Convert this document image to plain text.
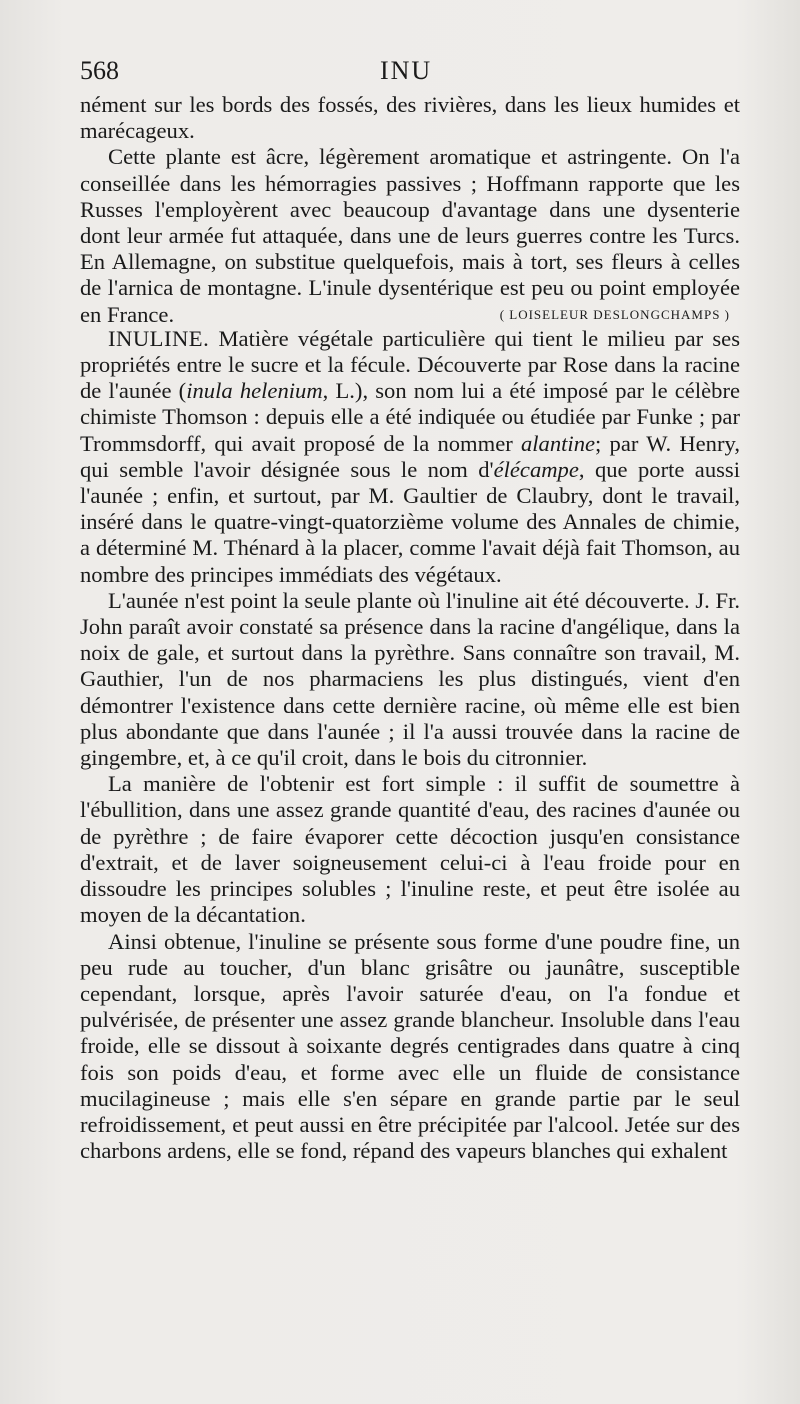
568	INU

nément sur les bords des fossés, des rivières, dans les lieux humides et marécageux.

Cette plante est âcre, légèrement aromatique et astringente. On l'a conseillée dans les hémorragies passives ; Hoffmann rapporte que les Russes l'employèrent avec beaucoup d'avantage dans une dysenterie dont leur armée fut attaquée, dans une de leurs guerres contre les Turcs. En Allemagne, on substitue quelquefois, mais à tort, ses fleurs à celles de l'arnica de montagne. L'inule dysentérique est peu ou point employée en France.	( LOISELEUR DESLONGCHAMPS )

INULINE. Matière végétale particulière qui tient le milieu par ses propriétés entre le sucre et la fécule. Découverte par Rose dans la racine de l'aunée (inula helenium, L.), son nom lui a été imposé par le célèbre chimiste Thomson : depuis elle a été indiquée ou étudiée par Funke ; par Trommsdorff, qui avait proposé de la nommer alantine; par W. Henry, qui semble l'avoir désignée sous le nom d'élécampe, que porte aussi l'aunée ; enfin, et surtout, par M. Gaultier de Claubry, dont le travail, inséré dans le quatre-vingt-quatorzième volume des Annales de chimie, a déterminé M. Thénard à la placer, comme l'avait déjà fait Thomson, au nombre des principes immédiats des végétaux.

L'aunée n'est point la seule plante où l'inuline ait été découverte. J. Fr. John paraît avoir constaté sa présence dans la racine d'angélique, dans la noix de gale, et surtout dans la pyrèthre. Sans connaître son travail, M. Gauthier, l'un de nos pharmaciens les plus distingués, vient d'en démontrer l'existence dans cette dernière racine, où même elle est bien plus abondante que dans l'aunée ; il l'a aussi trouvée dans la racine de gingembre, et, à ce qu'il croit, dans le bois du citronnier.

La manière de l'obtenir est fort simple : il suffit de soumettre à l'ébullition, dans une assez grande quantité d'eau, des racines d'aunée ou de pyrèthre ; de faire évaporer cette décoction jusqu'en consistance d'extrait, et de laver soigneusement celui-ci à l'eau froide pour en dissoudre les principes solubles ; l'inuline reste, et peut être isolée au moyen de la décantation.

Ainsi obtenue, l'inuline se présente sous forme d'une poudre fine, un peu rude au toucher, d'un blanc grisâtre ou jaunâtre, susceptible cependant, lorsque, après l'avoir saturée d'eau, on l'a fondue et pulvérisée, de présenter une assez grande blancheur. Insoluble dans l'eau froide, elle se dissout à soixante degrés centigrades dans quatre à cinq fois son poids d'eau, et forme avec elle un fluide de consistance mucilagineuse ; mais elle s'en sépare en grande partie par le seul refroidissement, et peut aussi en être précipitée par l'alcool. Jetée sur des charbons ardens, elle se fond, répand des vapeurs blanches qui exhalent
